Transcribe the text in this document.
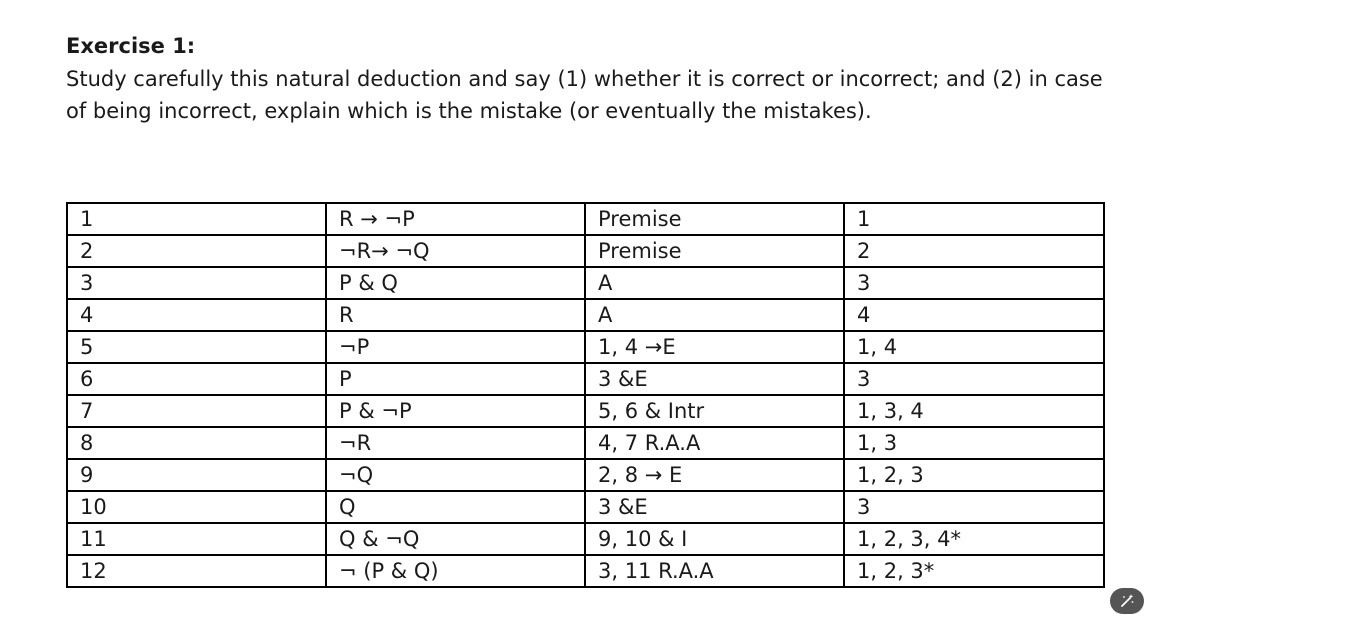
Exercise 1:
Study carefully this natural deduction and say (1) whether it is correct or incorrect; and (2) in case
of being incorrect, explain which is the mistake (or eventually the mistakes).
1	R → ¬P	Premise	1
2	¬R→ ¬Q	Premise	2
3	P & Q	A	3
4	R	A	4
5	¬P	1, 4 →E	1, 4
6	P	3 &E	3
7	P & ¬P	5, 6 & Intr	1, 3, 4
8	¬R	4, 7 R.A.A	1, 3
9	¬Q	2, 8 → E	1, 2, 3
10	Q	3 &E	3
11	Q & ¬Q	9, 10 & I	1, 2, 3, 4*
12	¬ (P & Q)	3, 11 R.A.A	1, 2, 3*
